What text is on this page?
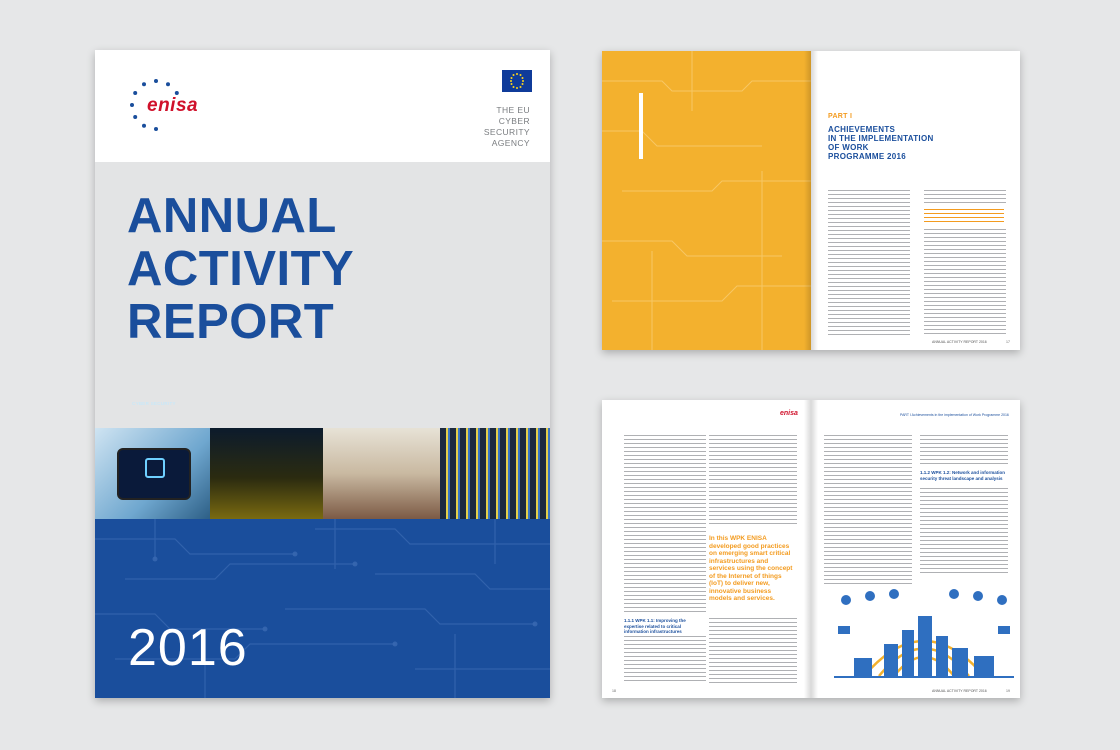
enisa	THE EU
CYBER
SECURITY
AGENCY
ANNUAL
ACTIVITY
REPORT
CYBER SECURITY
2016
PART I
ACHIEVEMENTS
IN THE IMPLEMENTATION
OF WORK
PROGRAMME 2016
ANNUAL ACTIVITY REPORT 2016	17
enisa	PART I Achievements in the implementation of Work Programme 2016
1.1.1 WPK 1.1: Improving the expertise related to critical information infrastructures
In this WPK ENISA developed good practices on emerging smart critical infrastructures and services using the concept of the Internet of things (IoT) to deliver new, innovative business models and services.
18
1.1.2 WPK 1.2: Network and information security threat landscape and analysis
ANNUAL ACTIVITY REPORT 2016	19
